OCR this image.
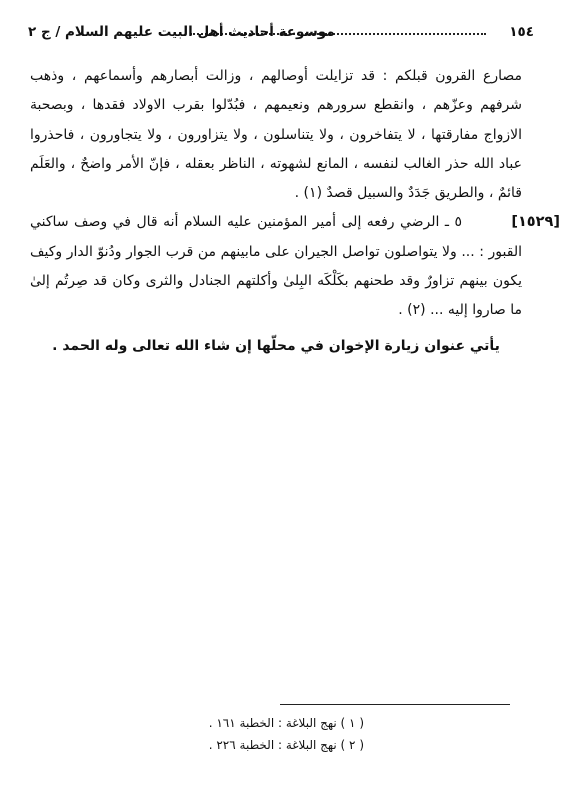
١٥٤
موسوعة أحاديث أهل البيت عليهم السلام / ج ٢

مصارع القرون قبلكم : قد تزايلت أوصالهم ، وزالت أبصارهم وأسماعهم ، وذهب شرفهم وعزّهم ، وانقطع سرورهم ونعيمهم ، فبُدّلوا بقرب الاولاد فقدها ، وبصحبة الازواج مفارقتها ، لا يتفاخرون ، ولا يتناسلون ، ولا يتزاورون ، ولا يتجاورون ، فاحذروا عباد الله حذر الغالب لنفسه ، المانع لشهوته ، الناظر بعقله ، فإنّ الأمر واضحٌ ، والعَلَم قائمٌ ، والطريق جَدَدٌ والسبيل قصدٌ (١) .

[١٥٢٩]

٥ ـ الرضي رفعه إلى أمير المؤمنين عليه السلام أنه قال في وصف ساكني القبور : ... ولا يتواصلون تواصل الجيران على مابينهم من قرب الجوار ودُنوّ الدار وكيف يكون بينهم تزاورٌ وقد طحنهم بكَلْكَه البِلىٰ وأكلتهم الجنادل والثرى وكان قد صِرتُم إلىٰ ما صاروا إليه ... (٢) .

يأتي عنوان زيارة الإخوان في محلّها إن شاء الله تعالى وله الحمد .

( ١ ) نهج البلاغة : الخطبة ١٦١ .
( ٢ ) نهج البلاغة : الخطبة ٢٢٦ .
